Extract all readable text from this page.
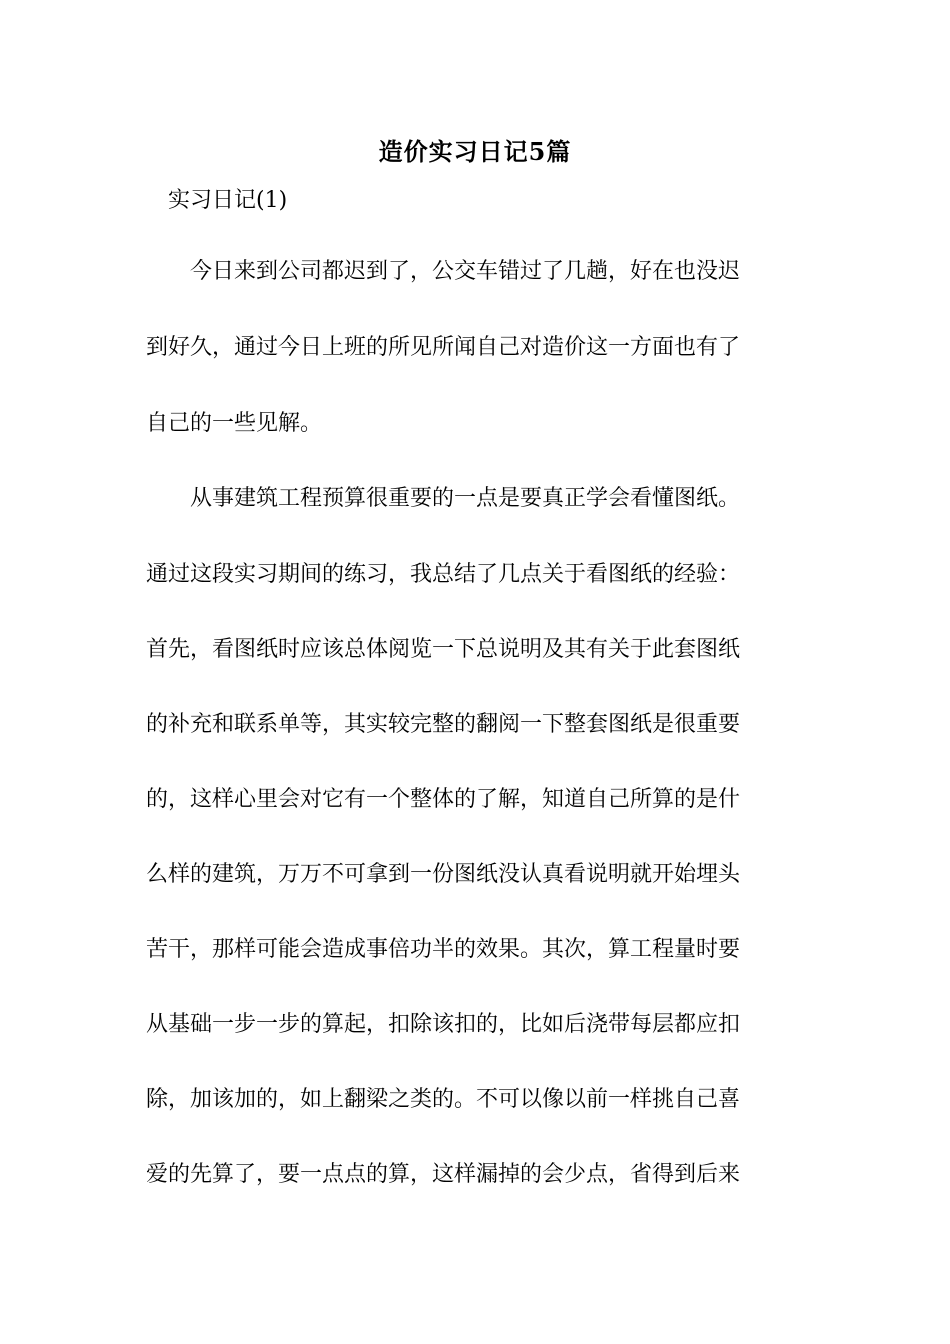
造价实习日记5篇
实习日记(1)
　　今日来到公司都迟到了，公交车错过了几趟，好在也没迟
到好久，通过今日上班的所见所闻自己对造价这一方面也有了
自己的一些见解。
　　从事建筑工程预算很重要的一点是要真正学会看懂图纸。
通过这段实习期间的练习，我总结了几点关于看图纸的经验：
首先，看图纸时应该总体阅览一下总说明及其有关于此套图纸
的补充和联系单等，其实较完整的翻阅一下整套图纸是很重要
的，这样心里会对它有一个整体的了解，知道自己所算的是什
么样的建筑，万万不可拿到一份图纸没认真看说明就开始埋头
苦干，那样可能会造成事倍功半的效果。其次，算工程量时要
从基础一步一步的算起，扣除该扣的，比如后浇带每层都应扣
除，加该加的，如上翻梁之类的。不可以像以前一样挑自己喜
爱的先算了，要一点点的算，这样漏掉的会少点，省得到后来
